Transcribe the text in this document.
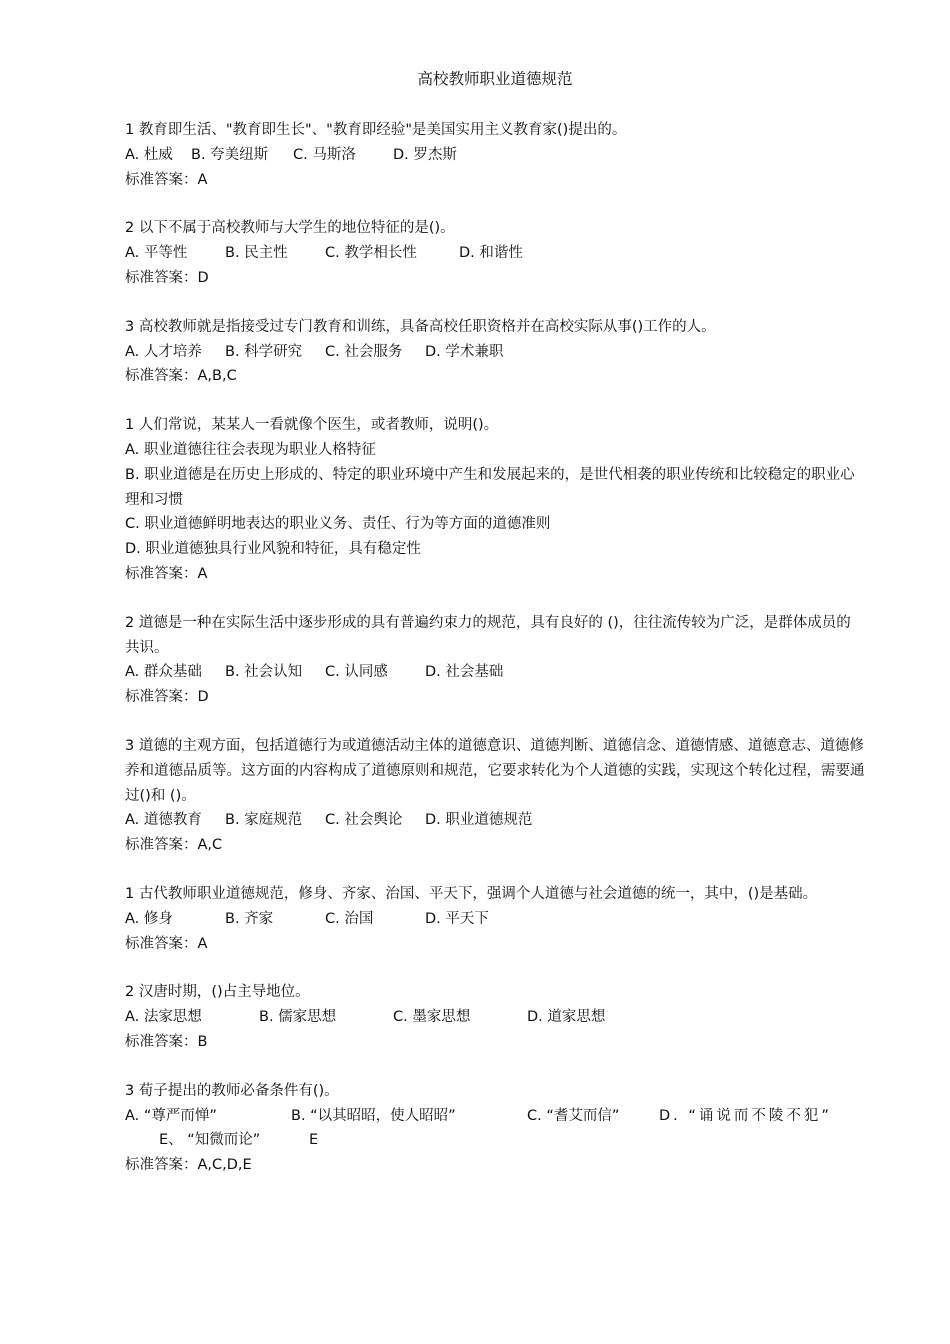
高校教师职业道德规范
1 教育即生活、"教育即生长"、"教育即经验"是美国实用主义教育家()提出的。
A. 杜威	B. 夸美纽斯	C. 马斯洛	D. 罗杰斯
标准答案：A
2 以下不属于高校教师与大学生的地位特征的是()。
A. 平等性	B. 民主性	C. 教学相长性	D. 和谐性
标准答案：D
3 高校教师就是指接受过专门教育和训练，具备高校任职资格并在高校实际从事()工作的人。
A. 人才培养	B. 科学研究	C. 社会服务	D. 学术兼职
标准答案：A,B,C
1 人们常说，某某人一看就像个医生，或者教师，说明()。
A. 职业道德往往会表现为职业人格特征
B. 职业道德是在历史上形成的、特定的职业环境中产生和发展起来的，是世代相袭的职业传统和比较稳定的职业心理和习惯
C. 职业道德鲜明地表达的职业义务、责任、行为等方面的道德准则
D. 职业道德独具行业风貌和特征，具有稳定性
标准答案：A
2 道德是一种在实际生活中逐步形成的具有普遍约束力的规范，具有良好的 ()，往往流传较为广泛，是群体成员的共识。
A. 群众基础	B. 社会认知	C. 认同感	D. 社会基础
标准答案：D
3 道德的主观方面，包括道德行为或道德活动主体的道德意识、道德判断、道德信念、道德情感、道德意志、道德修养和道德品质等。这方面的内容构成了道德原则和规范，它要求转化为个人道德的实践，实现这个转化过程，需要通过()和 ()。
A. 道德教育	B. 家庭规范	C. 社会舆论	D. 职业道德规范
标准答案：A,C
1 古代教师职业道德规范，修身、齐家、治国、平天下，强调个人道德与社会道德的统一，其中，()是基础。
A. 修身	B. 齐家	C. 治国	D. 平天下
标准答案：A
2 汉唐时期，()占主导地位。
A. 法家思想	B. 儒家思想	C. 墨家思想	D. 道家思想
标准答案：B
3 荀子提出的教师必备条件有()。
A. “尊严而惮”	B. “以其昭昭，使人昭昭”	C. “耆艾而信”	D. “诵说而不陵不犯”
E、 “知微而论”	E
标准答案：A,C,D,E
